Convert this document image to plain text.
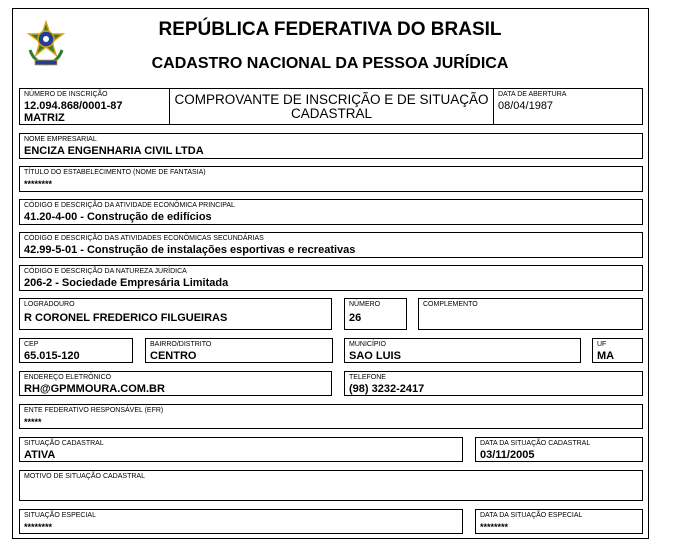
REPÚBLICA FEDERATIVA DO BRASIL
CADASTRO NACIONAL DA PESSOA JURÍDICA
NÚMERO DE INSCRIÇÃO
12.094.868/0001-87
MATRIZ
COMPROVANTE DE INSCRIÇÃO E DE SITUAÇÃO
CADASTRAL
DATA DE ABERTURA
08/04/1987
NOME EMPRESARIAL
ENCIZA ENGENHARIA CIVIL LTDA
TÍTULO DO ESTABELECIMENTO (NOME DE FANTASIA)
********
CÓDIGO E DESCRIÇÃO DA ATIVIDADE ECONÔMICA PRINCIPAL
41.20-4-00 - Construção de edifícios
CÓDIGO E DESCRIÇÃO DAS ATIVIDADES ECONÔMICAS SECUNDÁRIAS
42.99-5-01 - Construção de instalações esportivas e recreativas
CÓDIGO E DESCRIÇÃO DA NATUREZA JURÍDICA
206-2 - Sociedade Empresária Limitada
LOGRADOURO
R CORONEL FREDERICO FILGUEIRAS
NÚMERO
26
COMPLEMENTO
CEP
65.015-120
BAIRRO/DISTRITO
CENTRO
MUNICÍPIO
SAO LUIS
UF
MA
ENDEREÇO ELETRÔNICO
RH@GPMMOURA.COM.BR
TELEFONE
(98) 3232-2417
ENTE FEDERATIVO RESPONSÁVEL (EFR)
*****
SITUAÇÃO CADASTRAL
ATIVA
DATA DA SITUAÇÃO CADASTRAL
03/11/2005
MOTIVO DE SITUAÇÃO CADASTRAL
SITUAÇÃO ESPECIAL
********
DATA DA SITUAÇÃO ESPECIAL
********
